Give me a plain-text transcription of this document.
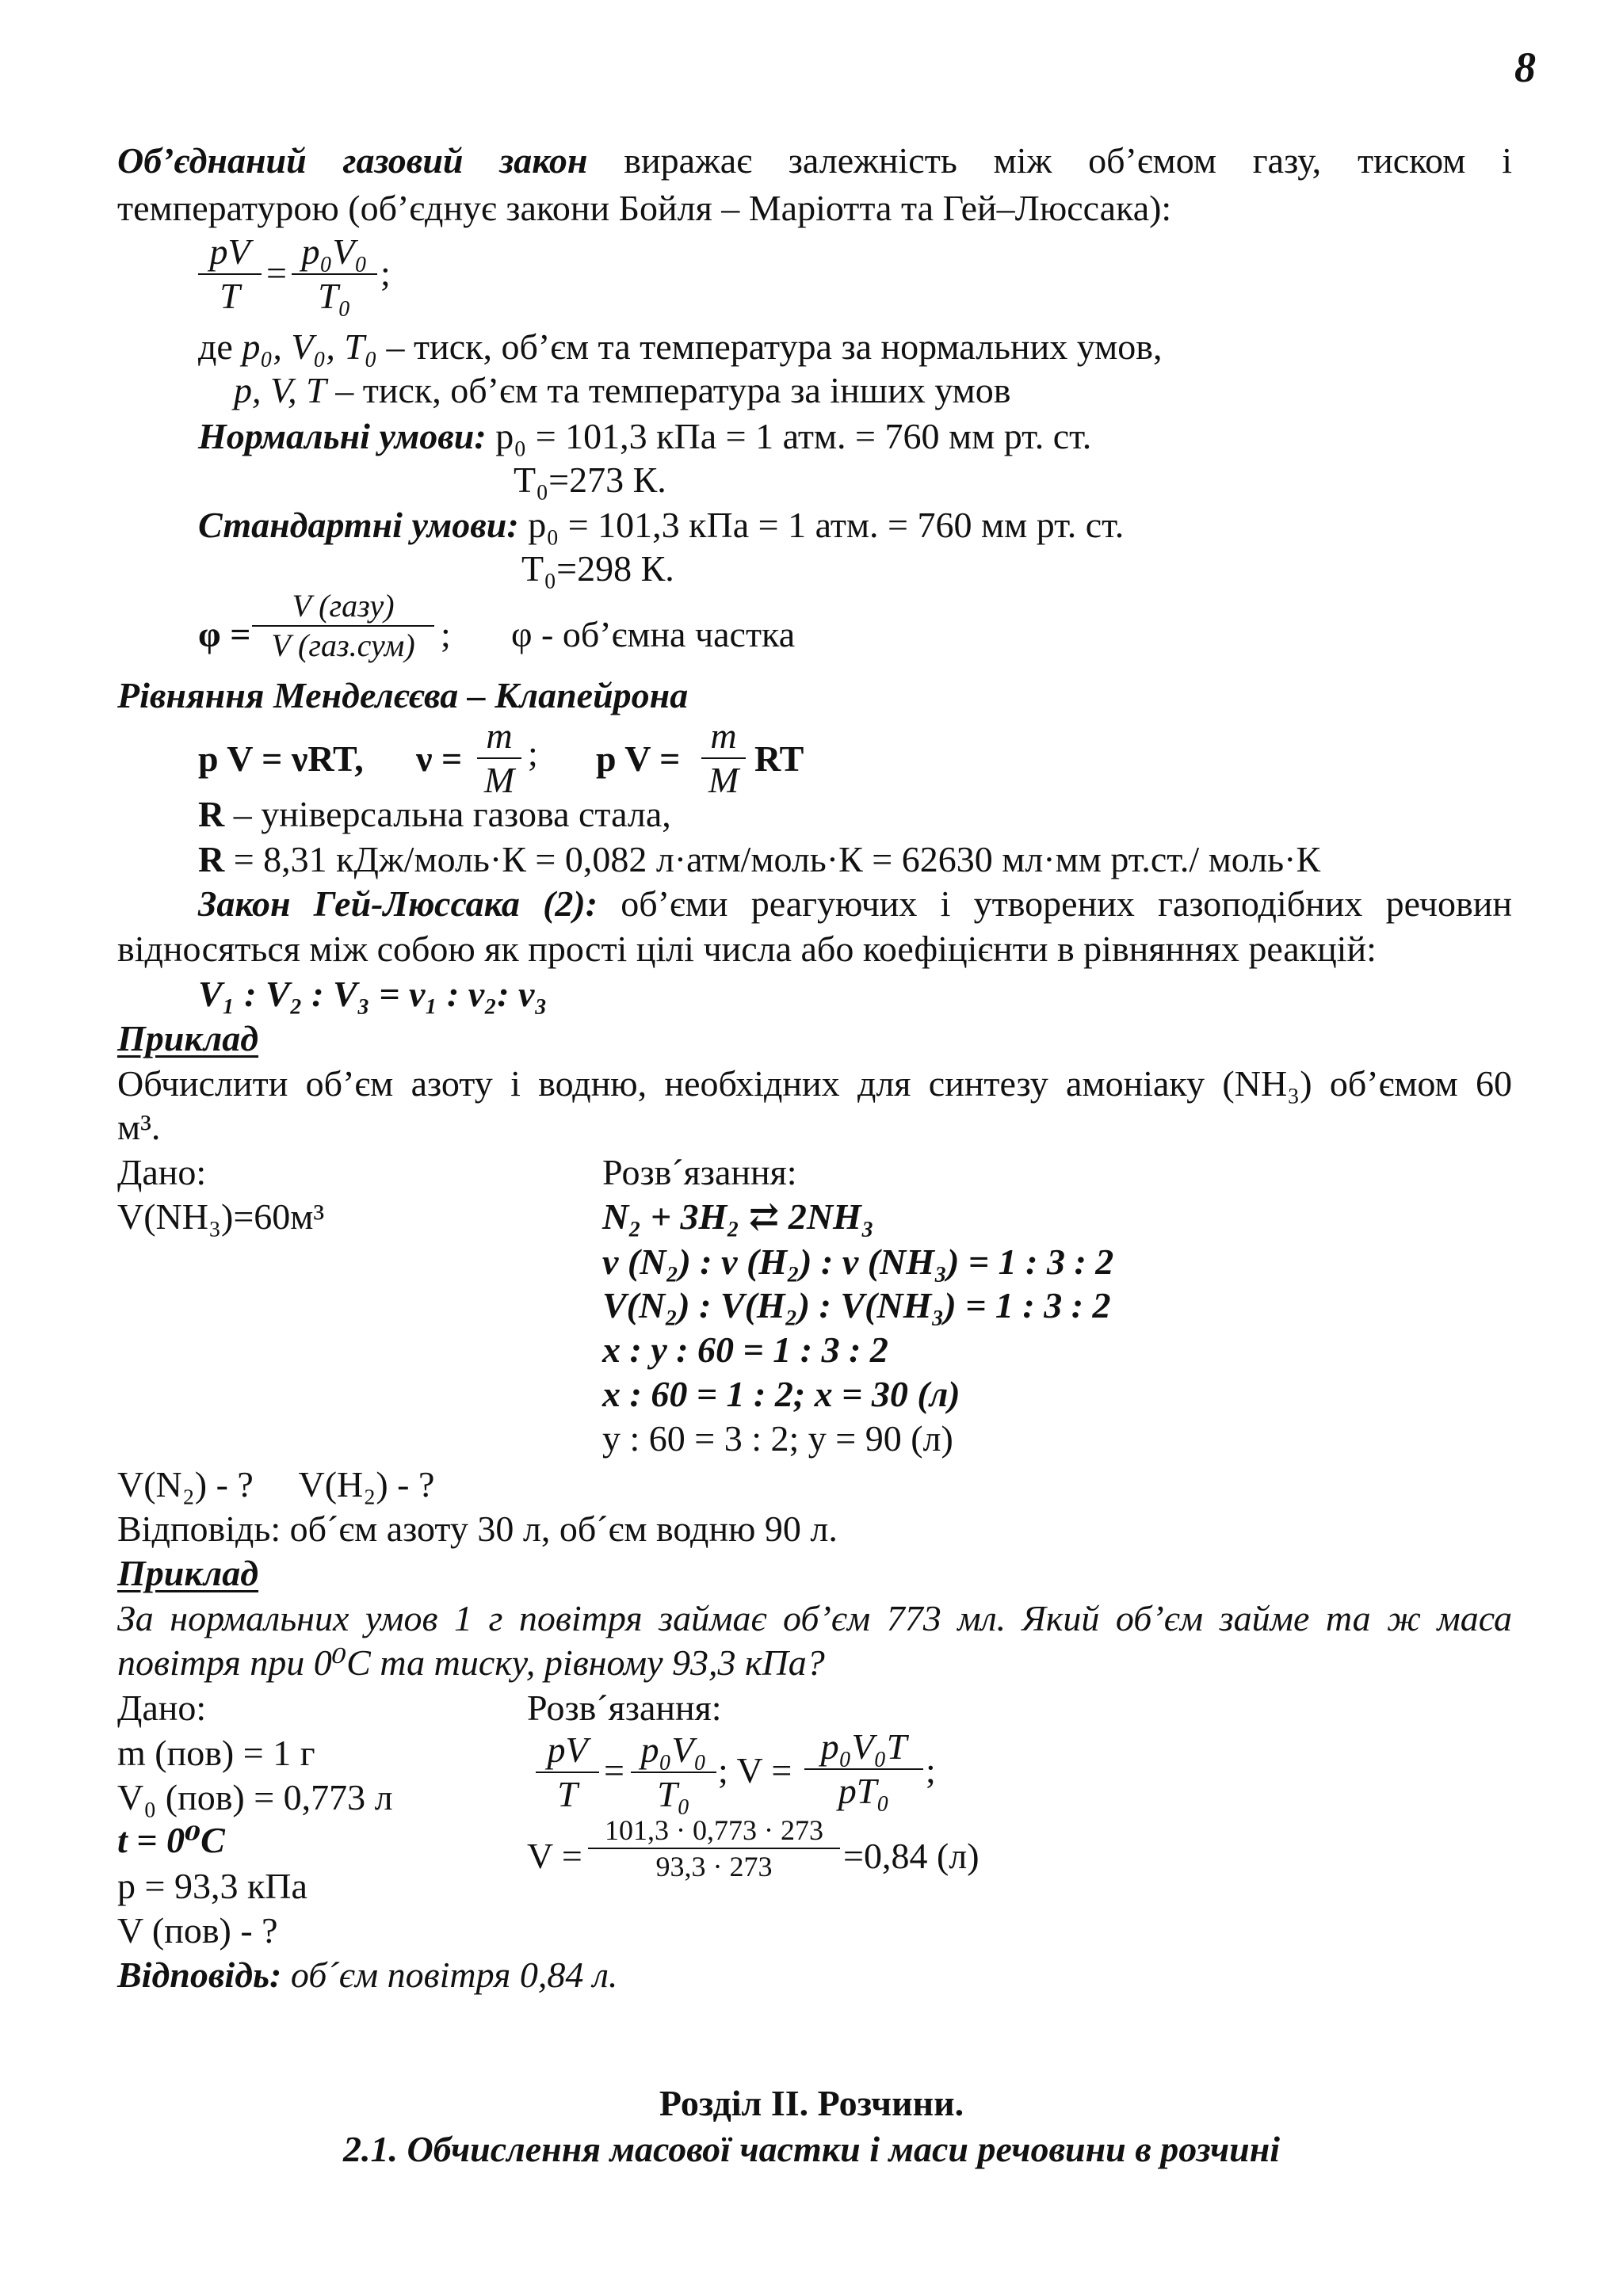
8
Об’єднаний газовий закон виражає залежність між об’ємом газу, тиском і
температурою (об’єднує закони Бойля – Маріотта та Гей–Люссака):
pV
T
=
p₀V₀
T₀
;
де p₀, V₀, T₀ – тиск, об’єм та температура за нормальних умов,
p, V, T – тиск, об’єм та температура за інших умов
Нормальні умови: p₀ = 101,3 кПа = 1 атм. = 760 мм рт. ст.
T₀=273 К.
Стандартні умови: p₀ = 101,3 кПа = 1 атм. = 760 мм рт. ст.
T₀=298 К.
φ =
V (газу)
V (газ.сум) ; φ - об’ємна частка
Рівняння Менделєєва – Клапейрона
p V = νRT, ν =
m
M
; p V =
m
M
RT
R – універсальна газова стала,
R = 8,31 кДж/моль·К = 0,082 л·атм/моль·К = 62630 мл·мм рт.ст./ моль·К
Закон Гей-Люссака (2): об’єми реагуючих і утворених газоподібних речовин
відносяться між собою як прості цілі числа або коефіцієнти в рівняннях реакцій:
V₁ : V₂ : V₃ = ν₁ : ν₂: ν₃
Приклад
Обчислити об’єм азоту і водню, необхідних для синтезу амоніаку (NH₃) об’ємом 60
м³.
Дано:
V(NH₃)=60м³
Розв´язання:
N₂ + 3H₂ ⇄ 2NH₃
ν (N₂) : ν (H₂) : ν (NH₃) = 1 : 3 : 2
V(N₂) : V(H₂) : V(NH₃) = 1 : 3 : 2
x : y : 60 = 1 : 3 : 2
x : 60 = 1 : 2; x = 30 (л)
y : 60 = 3 : 2; y = 90 (л)
V(N₂) - ?     V(H₂) - ?
Відповідь: об´єм азоту 30 л, об´єм водню 90 л.
Приклад
За нормальних умов 1 г повітря займає об’єм 773 мл. Який об’єм займе та ж маса
повітря при 0⁰С та тиску, рівному 93,3 кПа?
Дано:
m (пов) = 1 г
V₀ (пов) = 0,773 л
t = 0⁰C
p = 93,3 кПа
V (пов) - ?
Розв´язання:
pV
T
=
p₀V₀
T₀
; V =
p₀V₀T
pT₀
;
V =
101,3 · 0,773 · 273
93,3 · 273	=0,84 (л)
Відповідь: об´єм повітря 0,84 л.
Розділ II. Розчини.
2.1. Обчислення масової частки і маси речовини в розчині
